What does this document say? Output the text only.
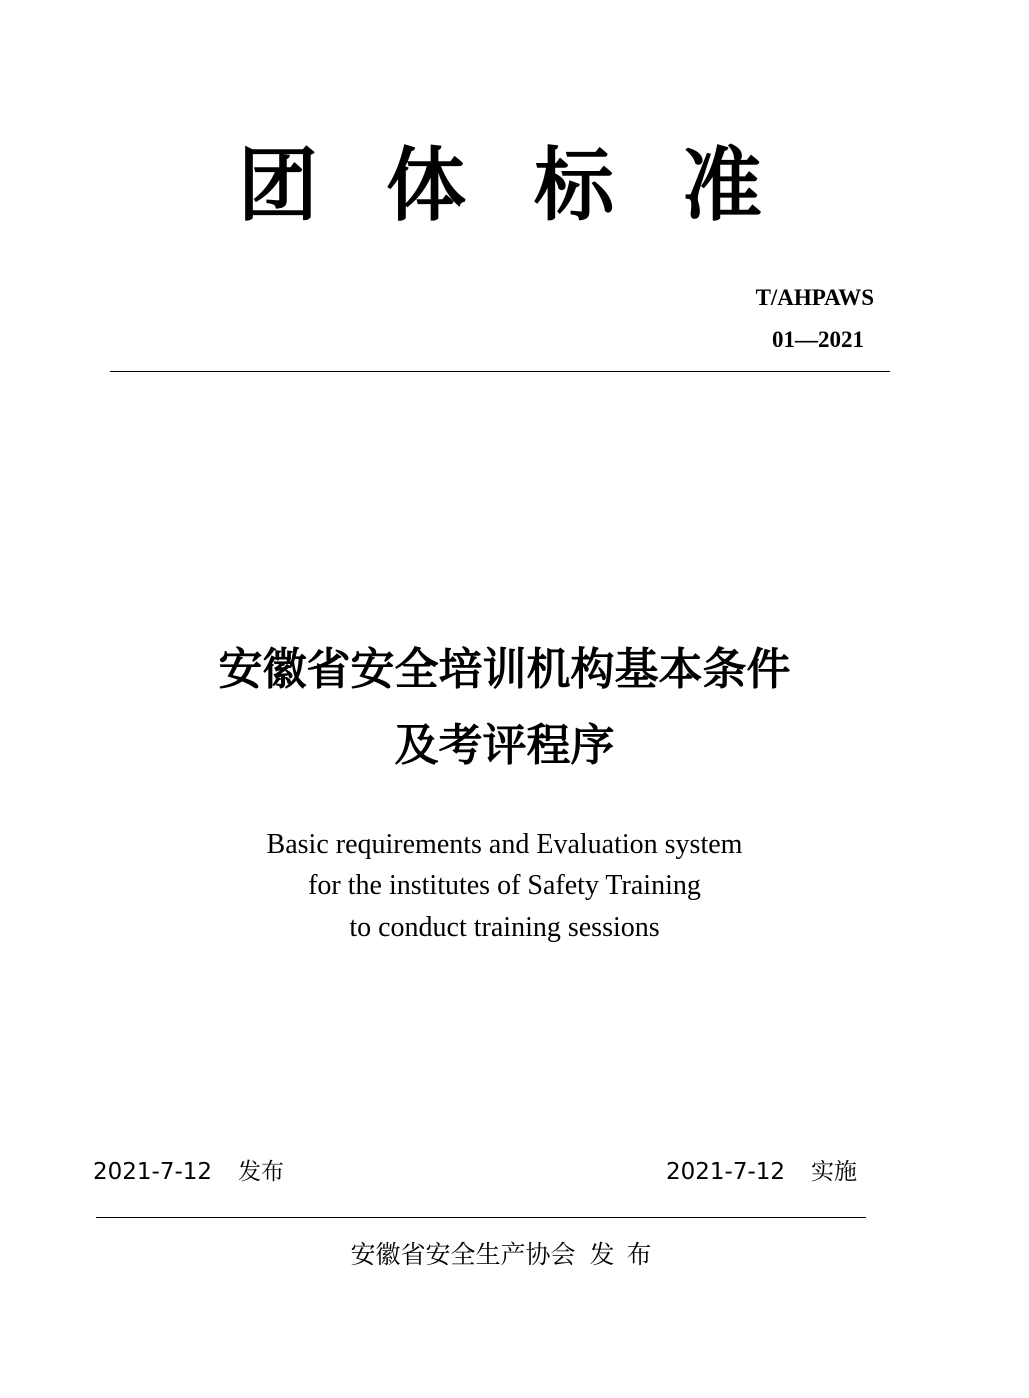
团体标准
T/AHPAWS
01—2021
安徽省安全培训机构基本条件
及考评程序
Basic requirements and Evaluation system
for the institutes of Safety Training
to conduct training sessions
2021-7-12 发布	2021-7-12 实施
安徽省安全生产协会 发布
